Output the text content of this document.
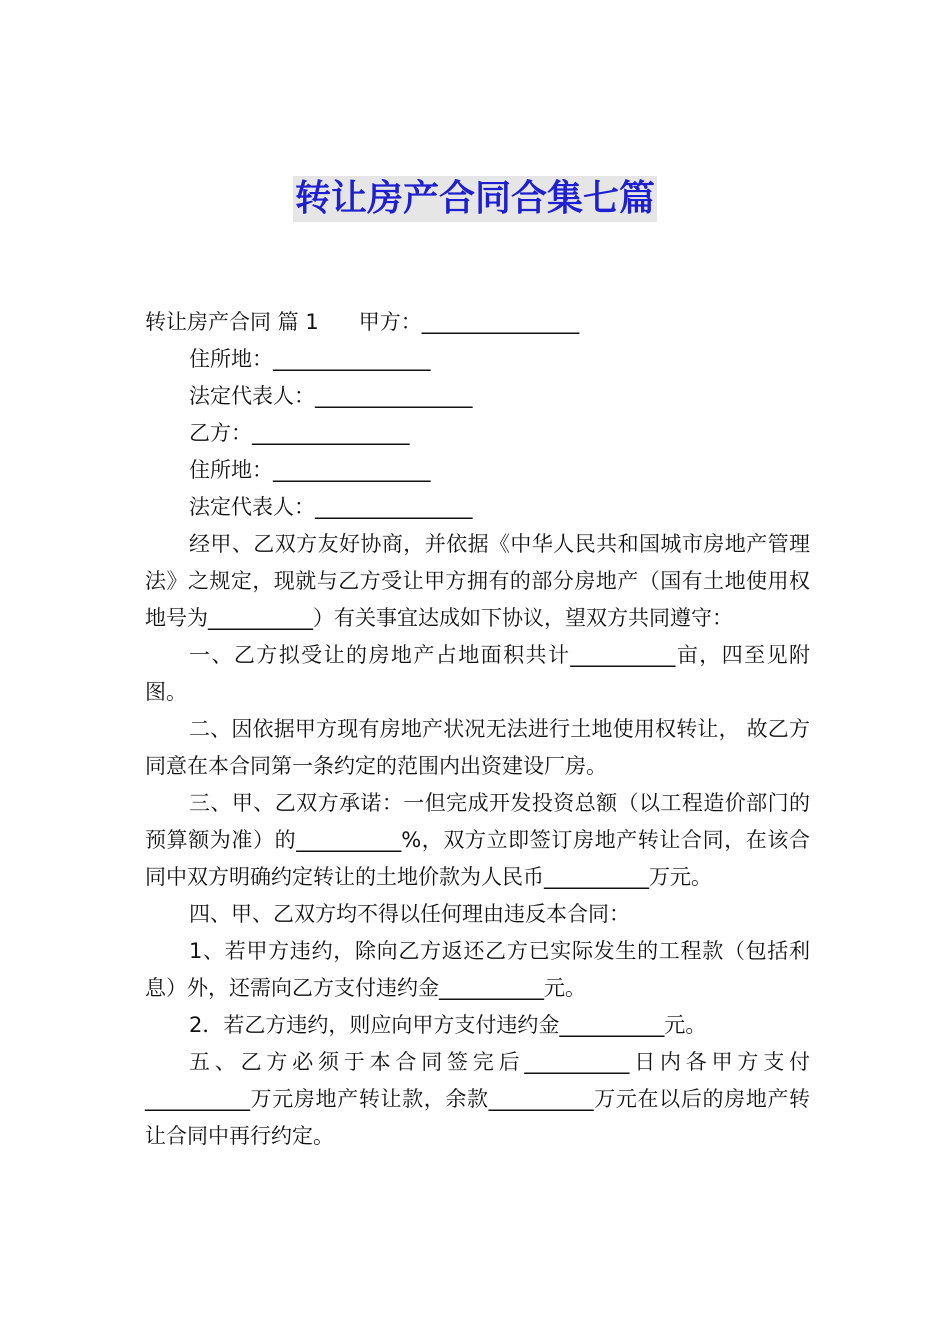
转让房产合同合集七篇

转让房产合同 篇 1 甲方：_______________

住所地：_______________

法定代表人：_______________

乙方：_______________

住所地：_______________

法定代表人：_______________

经甲、乙双方友好协商，并依据《中华人民共和国城市房地产管理法》之规定，现就与乙方受让甲方拥有的部分房地产（国有土地使用权地号为__________）有关事宜达成如下协议，望双方共同遵守：

一、乙方拟受让的房地产占地面积共计__________亩，四至见附图。

二、因依据甲方现有房地产状况无法进行土地使用权转让， 故乙方同意在本合同第一条约定的范围内出资建设厂房。

三、甲、乙双方承诺：一但完成开发投资总额（以工程造价部门的预算额为准）的__________%，双方立即签订房地产转让合同，在该合同中双方明确约定转让的土地价款为人民币__________万元。

四、甲、乙双方均不得以任何理由违反本合同：

1、若甲方违约，除向乙方返还乙方已实际发生的工程款（包括利息）外，还需向乙方支付违约金__________元。

2．若乙方违约，则应向甲方支付违约金__________元。

五、乙方必须于本合同签完后__________日内各甲方支付__________万元房地产转让款，余款__________万元在以后的房地产转让合同中再行约定。
